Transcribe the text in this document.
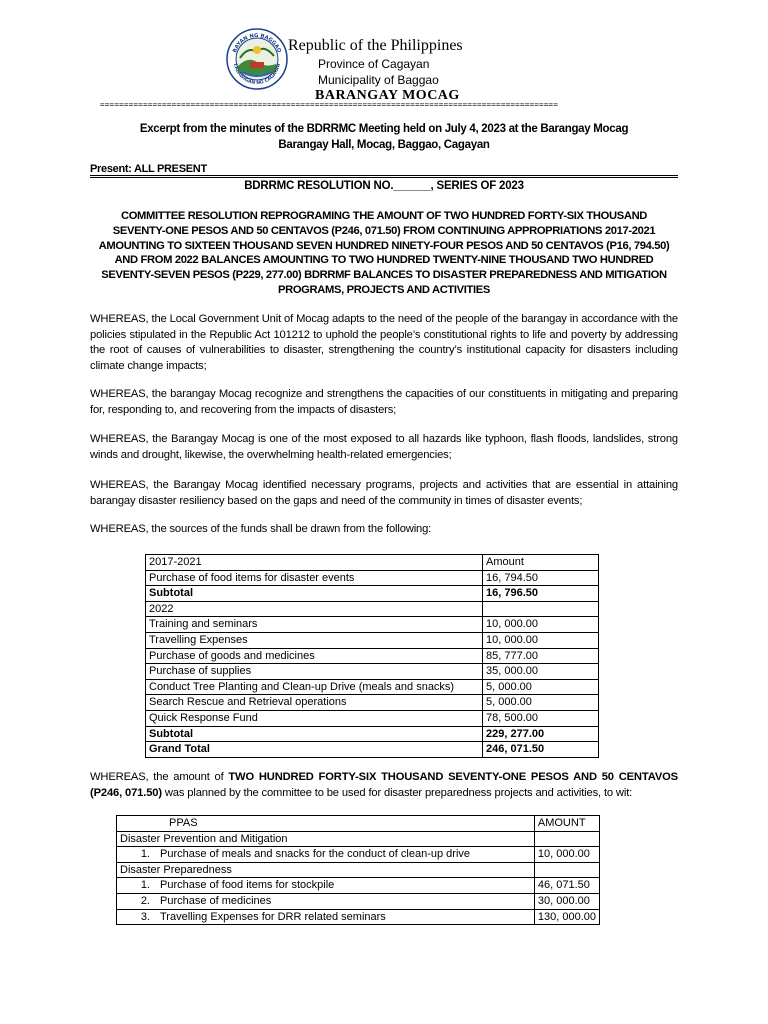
BAYAN NG BAGGAO
LALAWIGAN NG CAGAYAN
Republic of the Philippines
Province of Cagayan
Municipality of Baggao
BARANGAY MOCAG
================================================================================================
Excerpt from the minutes of the BDRRMC Meeting held on July 4, 2023 at the Barangay Mocag
Barangay Hall, Mocag, Baggao, Cagayan
Present: ALL PRESENT
BDRRMC RESOLUTION NO.______, SERIES OF 2023
COMMITTEE RESOLUTION REPROGRAMING THE AMOUNT OF TWO HUNDRED FORTY-SIX THOUSAND SEVENTY-ONE PESOS AND 50 CENTAVOS (P246, 071.50) FROM CONTINUING APPROPRIATIONS 2017-2021 AMOUNTING TO SIXTEEN THOUSAND SEVEN HUNDRED NINETY-FOUR PESOS AND 50 CENTAVOS (P16, 794.50) AND FROM 2022 BALANCES AMOUNTING TO TWO HUNDRED TWENTY-NINE THOUSAND TWO HUNDRED SEVENTY-SEVEN PESOS (P229, 277.00) BDRRMF BALANCES TO DISASTER PREPAREDNESS AND MITIGATION PROGRAMS, PROJECTS AND ACTIVITIES
WHEREAS, the Local Government Unit of Mocag adapts to the need of the people of the barangay in accordance with the policies stipulated in the Republic Act 101212 to uphold the people’s constitutional rights to life and poverty by addressing the root of causes of vulnerabilities to disaster, strengthening the country’s institutional capacity for disasters including climate change impacts;
WHEREAS, the barangay Mocag recognize and strengthens the capacities of our constituents in mitigating and preparing for, responding to, and recovering from the impacts of disasters;
WHEREAS, the Barangay Mocag is one of the most exposed to all hazards like typhoon, flash floods, landslides, strong winds and drought, likewise, the overwhelming health-related emergencies;
WHEREAS, the Barangay Mocag identified necessary programs, projects and activities that are essential in attaining barangay disaster resiliency based on the gaps and need of the community in times of disaster events;
WHEREAS, the sources of the funds shall be drawn from the following:
2017-2021	Amount
Purchase of food items for disaster events	16, 794.50
Subtotal	16, 796.50
2022	
Training and seminars	10, 000.00
Travelling Expenses	10, 000.00
Purchase of goods and medicines	85, 777.00
Purchase of supplies	35, 000.00
Conduct Tree Planting and Clean-up Drive (meals and snacks)	5, 000.00
Search Rescue and Retrieval operations	5, 000.00
Quick Response Fund	78, 500.00
Subtotal	229, 277.00
Grand Total	246, 071.50
WHEREAS, the amount of TWO HUNDRED FORTY-SIX THOUSAND SEVENTY-ONE PESOS AND 50 CENTAVOS (P246, 071.50) was planned by the committee to be used for disaster preparedness projects and activities, to wit:
PPAS	AMOUNT
Disaster Prevention and Mitigation	

1. Purchase of meals and snacks for the conduct of clean-up drive	10, 000.00
Disaster Preparedness	

1. Purchase of food items for stockpile	46, 071.50

2. Purchase of medicines	30, 000.00

3. Travelling Expenses for DRR related seminars	130, 000.00
